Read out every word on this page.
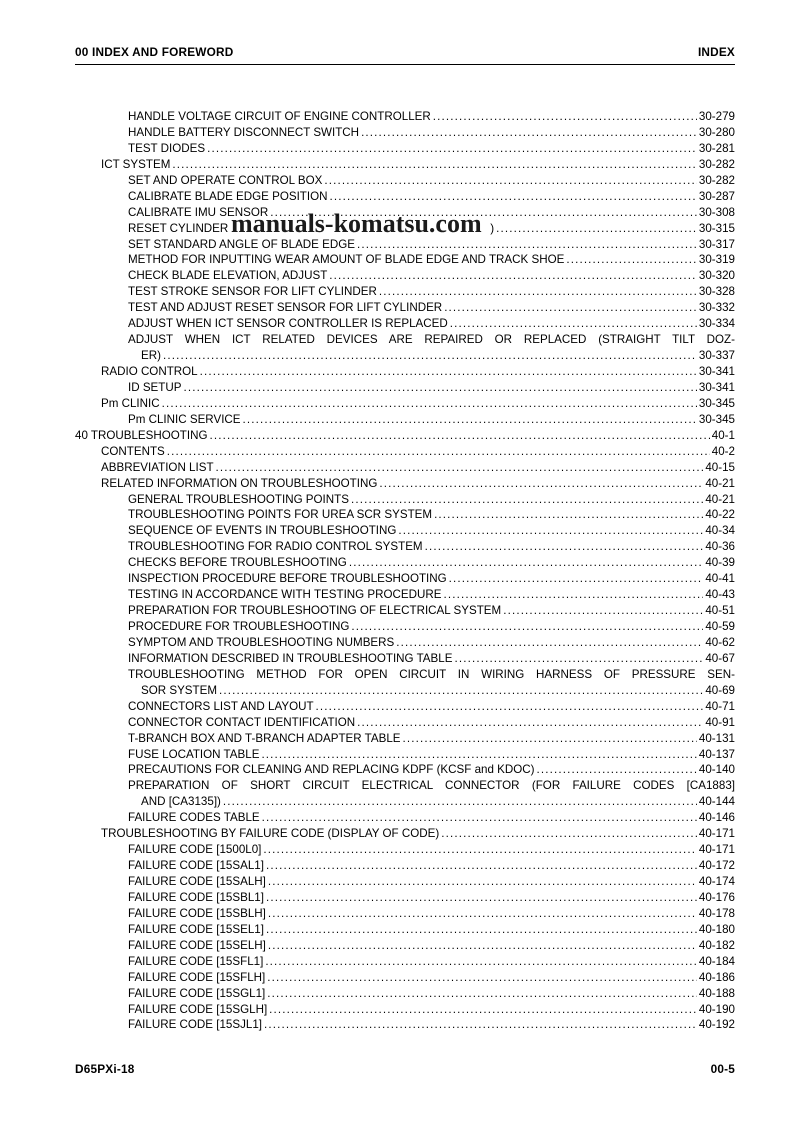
00 INDEX AND FOREWORD	INDEX
HANDLE VOLTAGE CIRCUIT OF ENGINE CONTROLLER .....	30-279
HANDLE BATTERY DISCONNECT SWITCH .....	30-280
TEST DIODES .....	30-281
ICT SYSTEM .....	30-282
SET AND OPERATE CONTROL BOX .....	30-282
CALIBRATE BLADE EDGE POSITION .....	30-287
CALIBRATE IMU SENSOR .....	30-308
RESET CYLINDER	) .....	30-315
SET STANDARD ANGLE OF BLADE EDGE .....	30-317
METHOD FOR INPUTTING WEAR AMOUNT OF BLADE EDGE AND TRACK SHOE .....	30-319
CHECK BLADE ELEVATION, ADJUST .....	30-320
TEST STROKE SENSOR FOR LIFT CYLINDER .....	30-328
TEST AND ADJUST RESET SENSOR FOR LIFT CYLINDER .....	30-332
ADJUST WHEN ICT SENSOR CONTROLLER IS REPLACED .....	30-334
ADJUST WHEN ICT RELATED DEVICES ARE REPAIRED OR REPLACED (STRAIGHT TILT DOZ-
ER) .....	30-337
RADIO CONTROL .....	30-341
ID SETUP .....	30-341
Pm CLINIC .....	30-345
Pm CLINIC SERVICE .....	30-345
40 TROUBLESHOOTING .....	40-1
CONTENTS .....	40-2
ABBREVIATION LIST .....	40-15
RELATED INFORMATION ON TROUBLESHOOTING .....	40-21
GENERAL TROUBLESHOOTING POINTS .....	40-21
TROUBLESHOOTING POINTS FOR UREA SCR SYSTEM .....	40-22
SEQUENCE OF EVENTS IN TROUBLESHOOTING .....	40-34
TROUBLESHOOTING FOR RADIO CONTROL SYSTEM .....	40-36
CHECKS BEFORE TROUBLESHOOTING .....	40-39
INSPECTION PROCEDURE BEFORE TROUBLESHOOTING .....	40-41
TESTING IN ACCORDANCE WITH TESTING PROCEDURE .....	40-43
PREPARATION FOR TROUBLESHOOTING OF ELECTRICAL SYSTEM .....	40-51
PROCEDURE FOR TROUBLESHOOTING .....	40-59
SYMPTOM AND TROUBLESHOOTING NUMBERS .....	40-62
INFORMATION DESCRIBED IN TROUBLESHOOTING TABLE .....	40-67
TROUBLESHOOTING METHOD FOR OPEN CIRCUIT IN WIRING HARNESS OF PRESSURE SEN-
SOR SYSTEM .....	40-69
CONNECTORS LIST AND LAYOUT .....	40-71
CONNECTOR CONTACT IDENTIFICATION .....	40-91
T-BRANCH BOX AND T-BRANCH ADAPTER TABLE .....	40-131
FUSE LOCATION TABLE .....	40-137
PRECAUTIONS FOR CLEANING AND REPLACING KDPF (KCSF and KDOC) .....	40-140
PREPARATION OF SHORT CIRCUIT ELECTRICAL CONNECTOR (FOR FAILURE CODES [CA1883]
AND [CA3135]) .....	40-144
FAILURE CODES TABLE .....	40-146
TROUBLESHOOTING BY FAILURE CODE (DISPLAY OF CODE) .....	40-171
FAILURE CODE [1500L0] .....	40-171
FAILURE CODE [15SAL1] .....	40-172
FAILURE CODE [15SALH] .....	40-174
FAILURE CODE [15SBL1] .....	40-176
FAILURE CODE [15SBLH] .....	40-178
FAILURE CODE [15SEL1] .....	40-180
FAILURE CODE [15SELH] .....	40-182
FAILURE CODE [15SFL1] .....	40-184
FAILURE CODE [15SFLH] .....	40-186
FAILURE CODE [15SGL1] .....	40-188
FAILURE CODE [15SGLH] .....	40-190
FAILURE CODE [15SJL1] .....	40-192
manuals-komatsu.com
D65PXi-18	00-5
